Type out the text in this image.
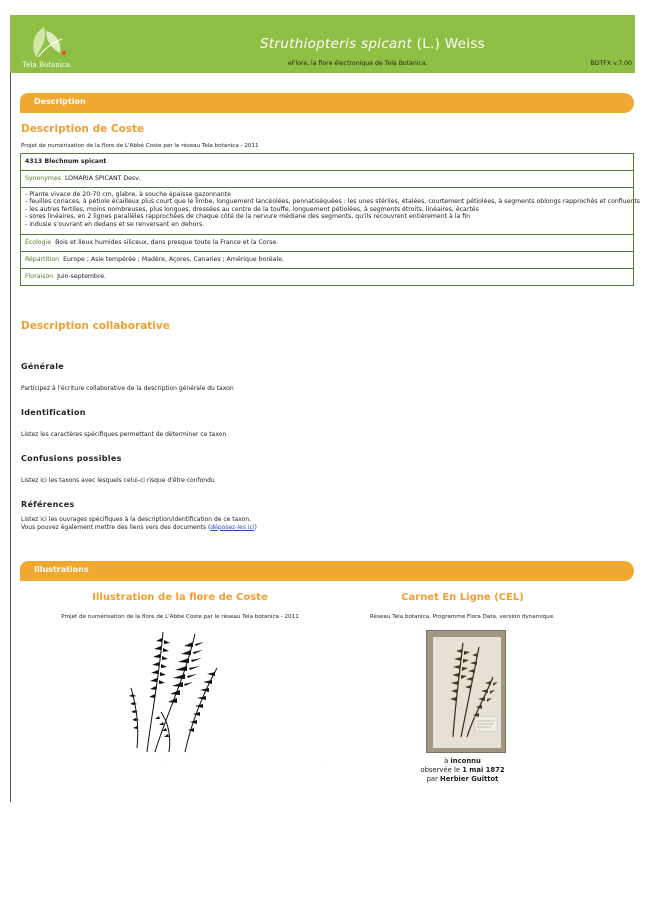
Tela Botanica
Struthiopteris spicant (L.) Weiss
eFlore, la flore électronique de Tela Botanica.	BDTFX v.7.00
Description
Description de Coste
Projet de numérisation de la flore de L'Abbé Coste par le réseau Tela botanica - 2011
4313 Blechnum spicant
Synonymes LOMARIA SPICANT Desv.
- Plante vivace de 20-70 cm, glabre, à souche épaisse gazonnante
- feuilles coriaces, à pétiole écailleux plus court que le limbe, longuement lancéolées, pennatiséquées : les unes stériles, étalées, courtement pétiolées, à segments oblongs rapprochés et confluents
- les autres fertiles, moins nombreuses, plus longues, dressées au centre de la touffe, longuement pétiolées, à segments étroits, linéaires, écartés
- sores linéaires, en 2 lignes parallèles rapprochées de chaque côté de la nervure médiane des segments, qu'ils recouvrent entièrement à la fin
- indusie s'ouvrant en dedans et se renversant en dehors.
Écologie Bois et lieux humides siliceux, dans presque toute la France et la Corse.
Répartition Europe ; Asie tempérée ; Madère, Açores, Canaries ; Amérique boréale.
Floraison Juin-septembre.
Description collaborative
Générale
Participez à l'écriture collaborative de la description générale du taxon
Identification
Listez les caractères spécifiques permettant de déterminer ce taxon
Confusions possibles
Listez ici les taxons avec lesquels celui-ci risque d'être confondu
Références
Listez ici les ouvrages spécifiques à la description/identification de ce taxon.
Vous pouvez également mettre des liens vers des documents (déposez-les ici)
Illustrations
Illustration de la flore de Coste
Projet de numérisation de la flore de L'Abbé Coste par le réseau Tela botanica - 2011
Carnet En Ligne (CEL)
Réseau Tela botanica, Programme Flora Data, version dynamique.
.	.	à inconnu
observée le 1 mai 1872
par Herbier Guittot
